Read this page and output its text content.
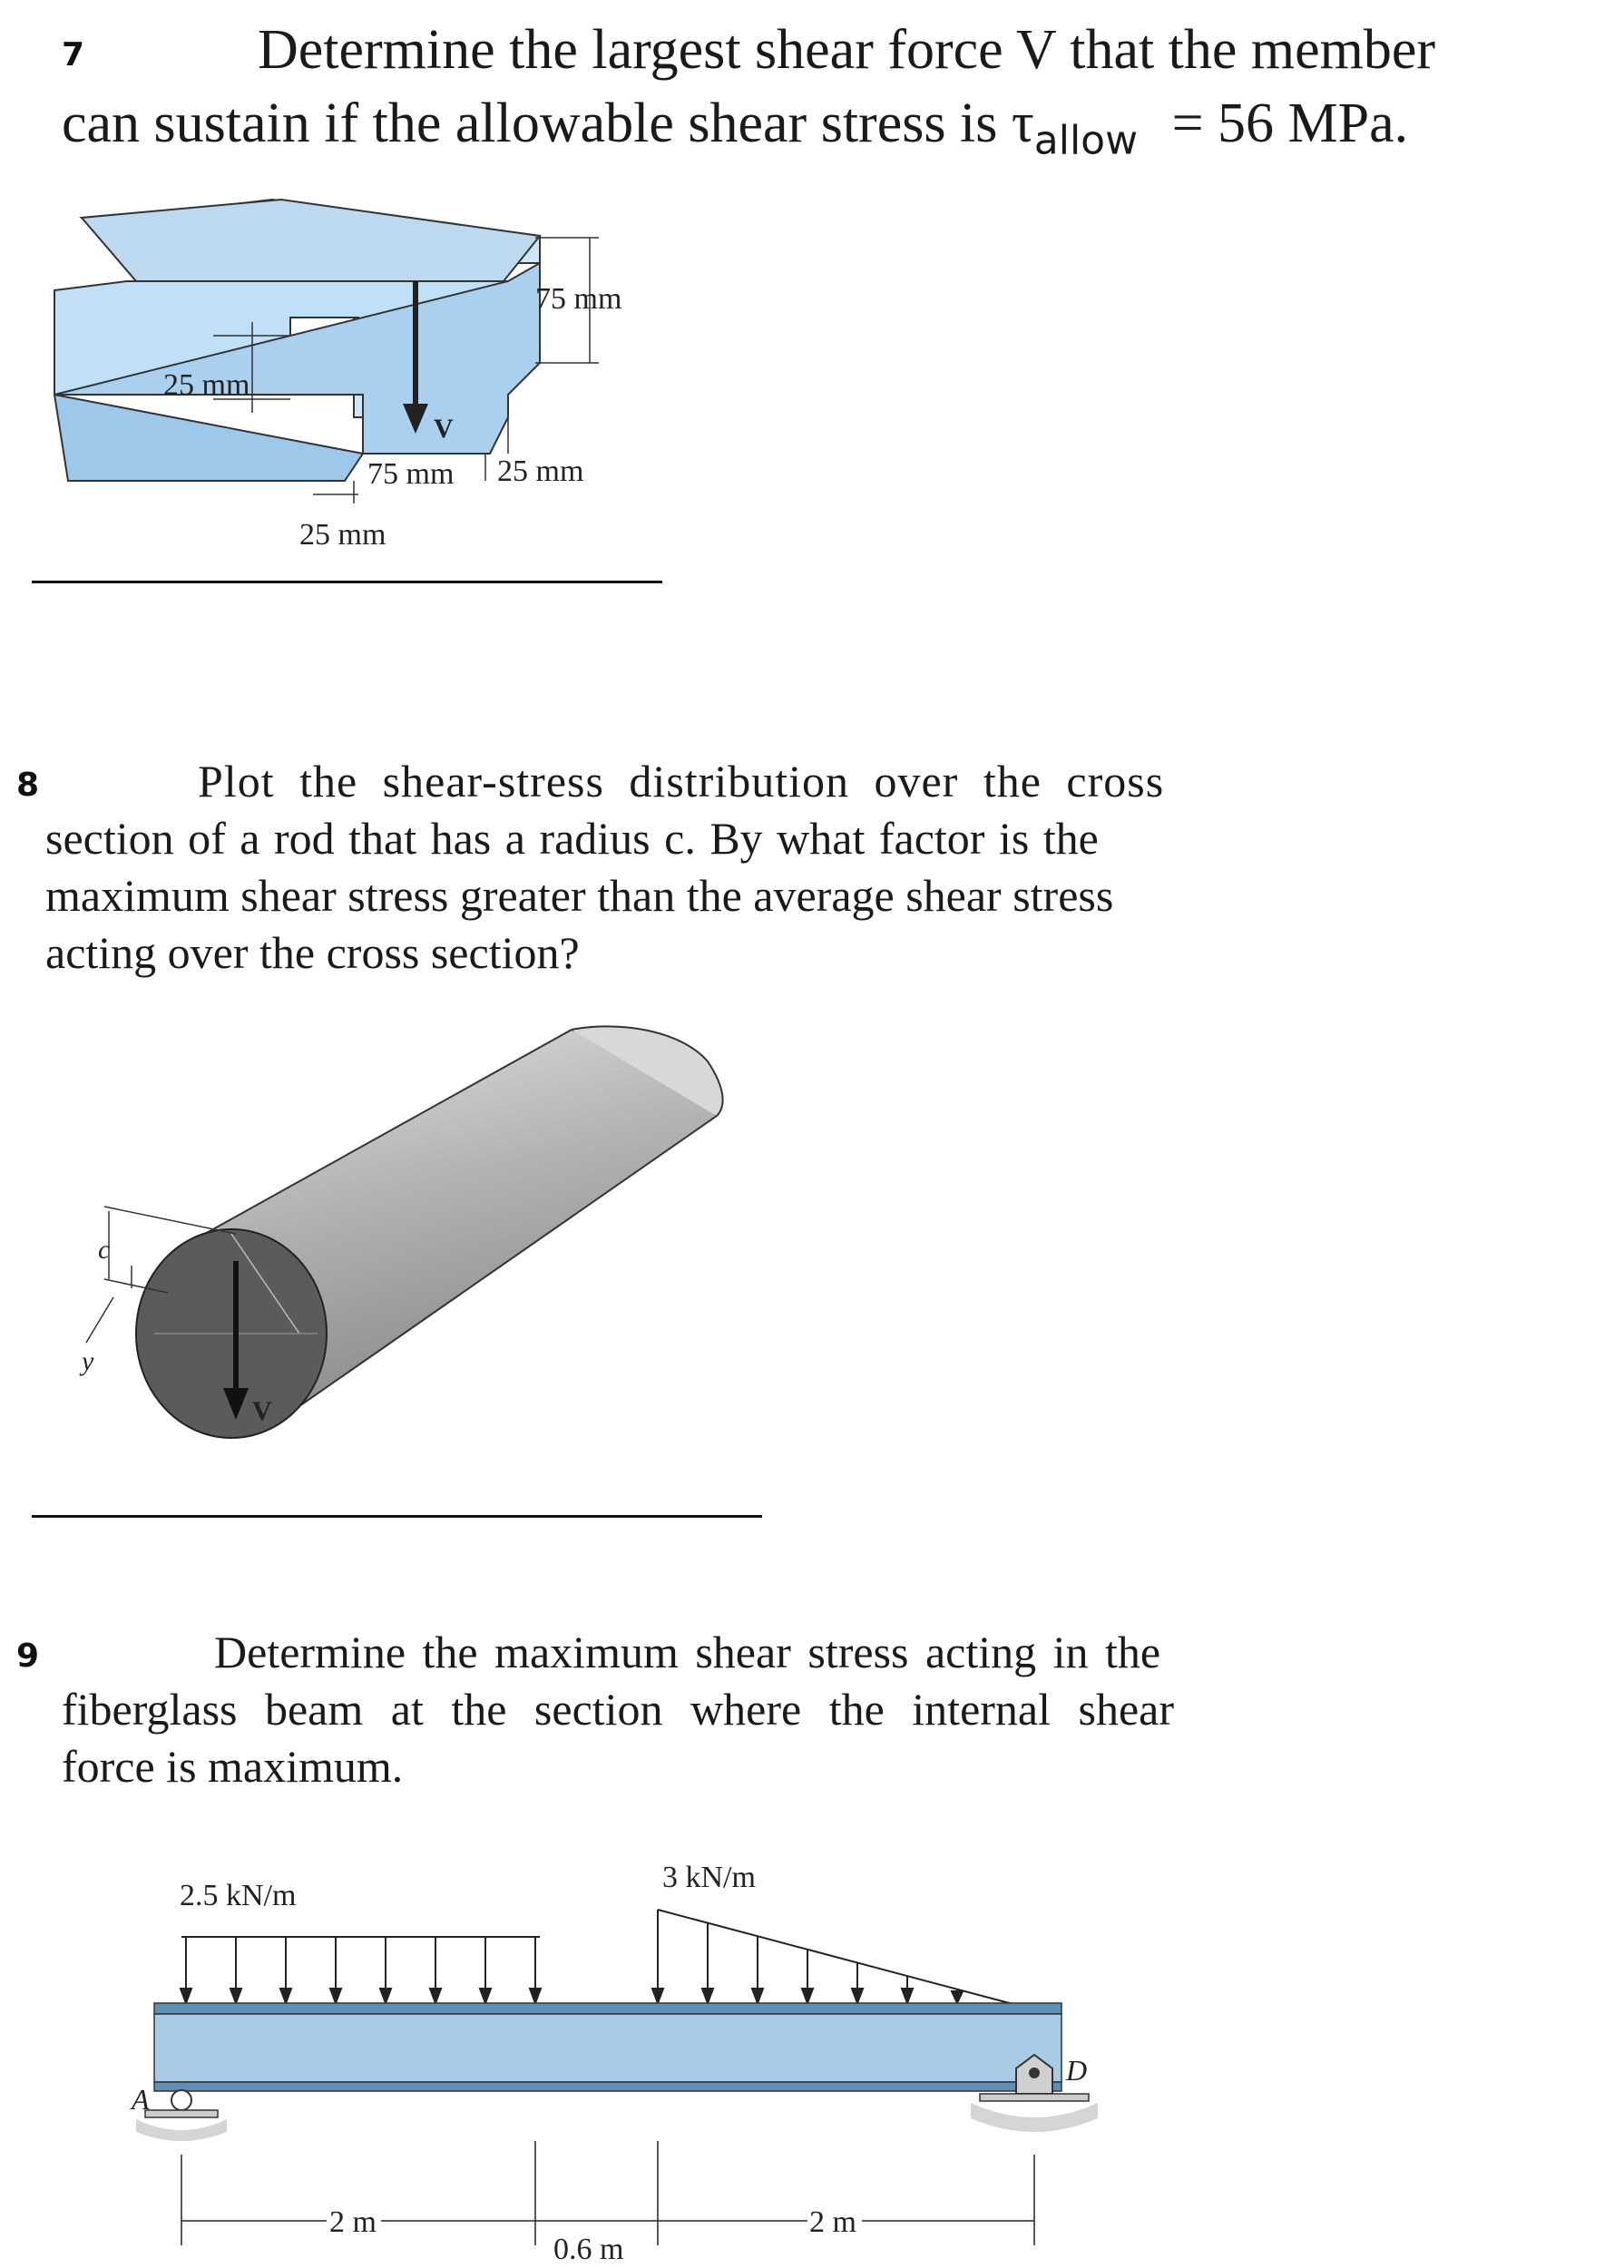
7	Determine the largest shear force V that the member
can sustain if the allowable shear stress is $\tau_{allow} = 56$ MPa.
V
75 mm
25 mm
75 mm 25 mm
25 mm
8	Plot the shear-stress distribution over the cross
section of a rod that has a radius c. By what factor is the
maximum shear stress greater than the average shear stress
acting over the cross section?
V
c
y
9	Determine the maximum shear stress acting in the
fiberglass beam at the section where the internal shear
force is maximum.
2.5 kN/m
3 kN/m
A
D
2 m
0.6 m
2 m
